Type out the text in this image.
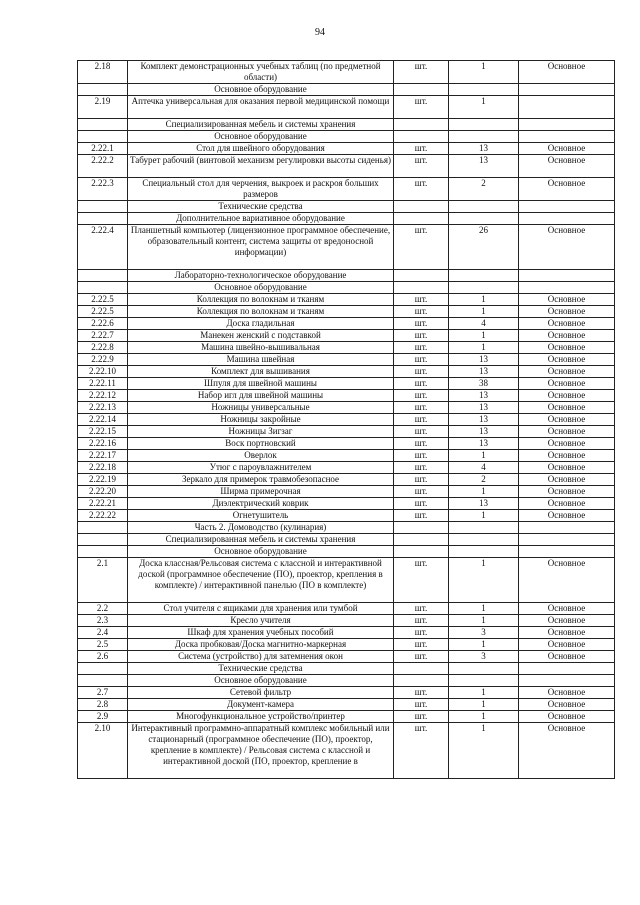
94
2.18	Комплект демонстрационных учебных таблиц (по предметной области)	шт.	1	Основное
	Основное оборудование			
2.19	Аптечка универсальная для оказания первой медицинской помощи	шт.	1	
	Специализированная мебель и системы хранения			
	Основное оборудование			
2.22.1	Стол для швейного оборудования	шт.	13	Основное
2.22.2	Табурет рабочий (винтовой механизм регулировки высоты сиденья)	шт.	13	Основное
2.22.3	Специальный стол для черчения, выкроек и раскроя больших размеров	шт.	2	Основное
	Технические средства			
	Дополнительное вариативное оборудование			
2.22.4	Планшетный компьютер (лицензионное программное обеспечение, образовательный контент, система защиты от вредоносной информации)	шт.	26	Основное
	Лабораторно-технологическое оборудование			
	Основное оборудование			
2.22.5	Коллекция по волокнам и тканям	шт.	1	Основное
2.22.5	Коллекция по волокнам и тканям	шт.	1	Основное
2.22.6	Доска гладильная	шт.	4	Основное
2.22.7	Манекен женский с подставкой	шт.	1	Основное
2.22.8	Машина швейно-вышивальная	шт.	1	Основное
2.22.9	Машина швейная	шт.	13	Основное
2.22.10	Комплект для вышивания	шт.	13	Основное
2.22.11	Шпуля для швейной машины	шт.	38	Основное
2.22.12	Набор игл для швейной машины	шт.	13	Основное
2.22.13	Ножницы универсальные	шт.	13	Основное
2.22.14	Ножницы закройные	шт.	13	Основное
2.22.15	Ножницы Зигзаг	шт.	13	Основное
2.22.16	Воск портновский	шт.	13	Основное
2.22.17	Оверлок	шт.	1	Основное
2.22.18	Утюг с пароувлажнителем	шт.	4	Основное
2.22.19	Зеркало для примерок травмобезопасное	шт.	2	Основное
2.22.20	Ширма примерочная	шт.	1	Основное
2.22.21	Диэлектрический коврик	шт.	13	Основное
2.22.22	Огнетушитель	шт.	1	Основное
	Часть 2. Домоводство (кулинария)			
	Специализированная мебель и системы хранения			
	Основное оборудование			
2.1	Доска классная/Рельсовая система с классной и интерактивной доской (программное обеспечение (ПО), проектор, крепления в комплекте) / интерактивной панелью (ПО в комплекте)	шт.	1	Основное
2.2	Стол учителя с ящиками для хранения или тумбой	шт.	1	Основное
2.3	Кресло учителя	шт.	1	Основное
2.4	Шкаф для хранения учебных пособий	шт.	3	Основное
2.5	Доска пробковая/Доска магнитно-маркерная	шт.	1	Основное
2.6	Система (устройство) для затемнения окон	шт.	3	Основное
	Технические средства			
	Основное оборудование			
2.7	Сетевой фильтр	шт.	1	Основное
2.8	Документ-камера	шт.	1	Основное
2.9	Многофункциональное устройство/принтер	шт.	1	Основное
2.10	Интерактивный программно-аппаратный комплекс мобильный или стационарный (программное обеспечение (ПО), проектор, крепление в комплекте) / Рельсовая система с классной и интерактивной доской (ПО, проектор, крепление в	шт.	1	Основное
